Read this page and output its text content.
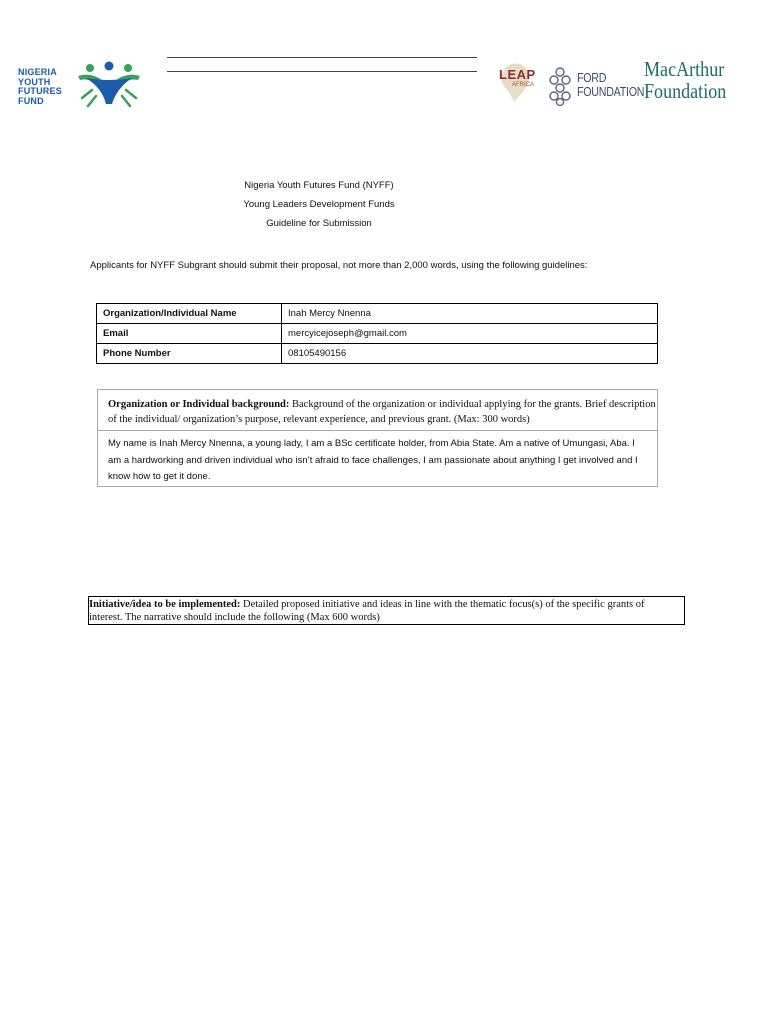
NIGERIA
YOUTH
FUTURES
FUND
LEAP
AFRICA	FORD
FOUNDATION
MacArthur
Foundation
Nigeria Youth Futures Fund (NYFF)
Young Leaders Development Funds
Guideline for Submission
Applicants for NYFF Subgrant should submit their proposal, not more than 2,000 words, using the following guidelines:
Organization/Individual Name	Inah Mercy Nnenna
Email	mercyicejoseph@gmail.com
Phone Number	08105490156
Organization or Individual background: Background of the organization or individual applying for the grants. Brief description of the individual/ organization’s purpose, relevant experience, and previous grant. (Max: 300 words)
My name is Inah Mercy Nnenna, a young lady, I am a BSc certificate holder, from Abia State. Am a native of Umungasi, Aba. I am a hardworking and driven individual who isn’t afraid to face challenges, I am passionate about anything I get involved and I know how to get it done.
Initiative/idea to be implemented: Detailed proposed initiative and ideas in line with the thematic focus(s) of the specific grants of interest. The narrative should include the following (Max 600 words)
